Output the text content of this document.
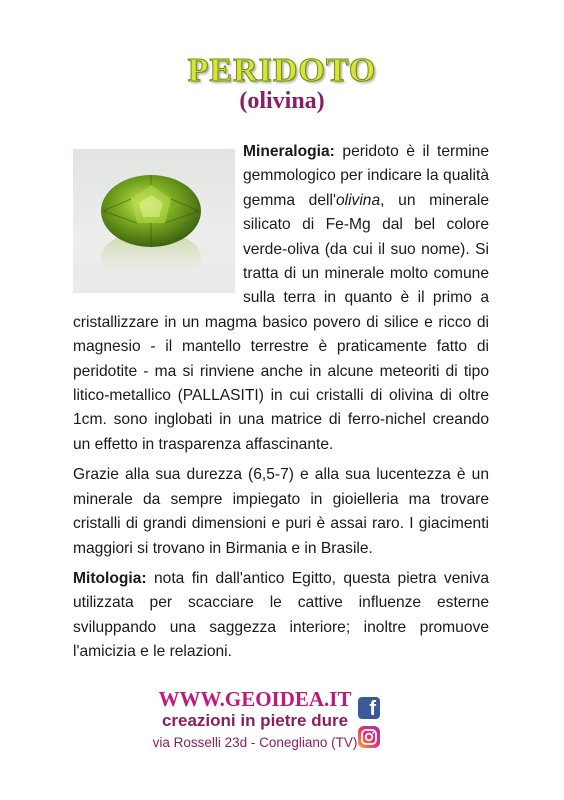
PERIDOTO
(olivina)

Mineralogia: peridoto è il termine gemmologico per indicare la qualità gemma dell'olivina, un minerale silicato di Fe-Mg dal bel colore verde-oliva (da cui il suo nome). Si tratta di un minerale molto comune sulla terra in quanto è il primo a cristallizzare in un magma basico povero di silice e ricco di magnesio - il mantello terrestre è praticamente fatto di peridotite - ma si rinviene anche in alcune meteoriti di tipo litico-metallico (PALLASITI) in cui cristalli di olivina di oltre 1cm. sono inglobati in una matrice di ferro-nichel creando un effetto in trasparenza affascinante.

Grazie alla sua durezza (6,5-7) e alla sua lucentezza è un minerale da sempre impiegato in gioielleria ma trovare cristalli di grandi dimensioni e puri è assai raro. I giacimenti maggiori si trovano in Birmania e in Brasile.

Mitologia: nota fin dall'antico Egitto, questa pietra veniva utilizzata per scacciare le cattive influenze esterne sviluppando una saggezza interiore; inoltre promuove l'amicizia e le relazioni.

WWW.GEOIDEA.IT
creazioni in pietre dure
via Rosselli 23d - Conegliano (TV)
f
